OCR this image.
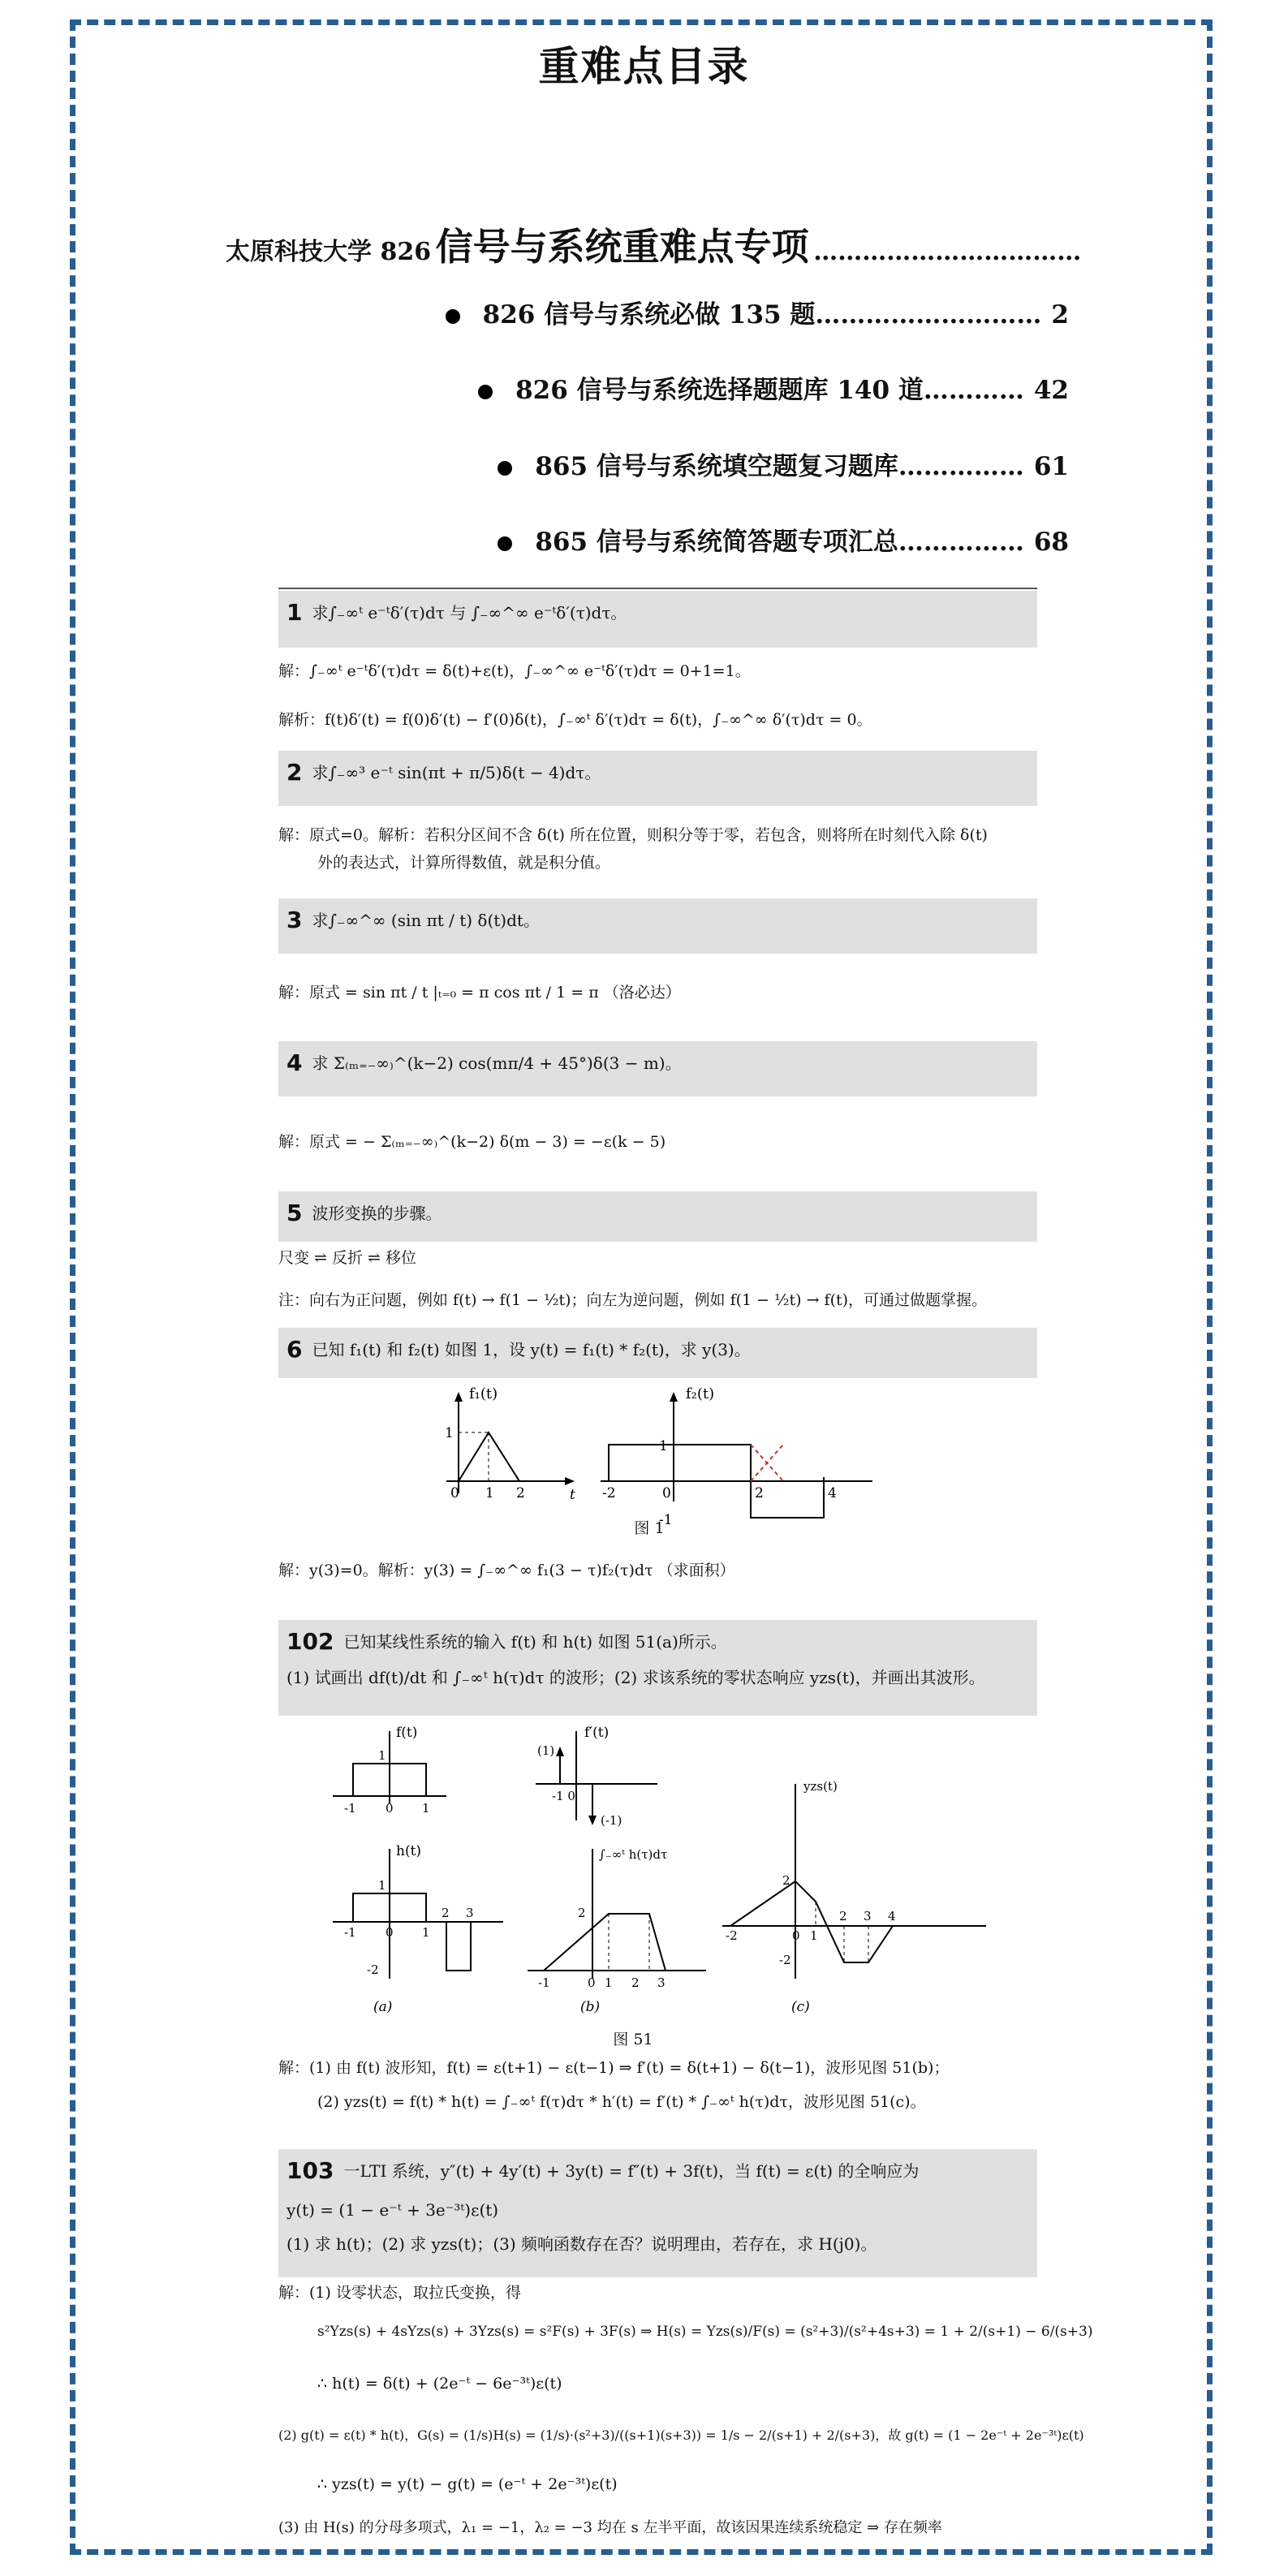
重难点目录
太原科技大学 826 信号与系统重难点专项 ……………………………
826 信号与系统必做 135 题……………………… 2
826 信号与系统选择题题库 140 道………… 42
865 信号与系统填空题复习题库…………… 61
865 信号与系统简答题专项汇总…………… 68
1 求∫₋∞ᵗ e⁻ᵗδ′(τ)dτ 与 ∫₋∞^∞ e⁻ᵗδ′(τ)dτ。
解：∫₋∞ᵗ e⁻ᵗδ′(τ)dτ = δ(t)+ε(t)，∫₋∞^∞ e⁻ᵗδ′(τ)dτ = 0+1=1。
解析：f(t)δ′(t) = f(0)δ′(t) − f′(0)δ(t)，∫₋∞ᵗ δ′(τ)dτ = δ(t)，∫₋∞^∞ δ′(τ)dτ = 0。
2 求∫₋∞³ e⁻ᵗ sin(πt + π/5)δ(t − 4)dτ。
解：原式=0。解析：若积分区间不含 δ(t) 所在位置，则积分等于零，若包含，则将所在时刻代入除 δ(t)
外的表达式，计算所得数值，就是积分值。
3 求∫₋∞^∞ (sin πt / t) δ(t)dt。
解：原式 = sin πt / t |ₜ₌₀ = π cos πt / 1 = π （洛必达）
4 求 Σ₍ₘ₌₋∞₎^(k−2) cos(mπ/4 + 45°)δ(3 − m)。
解：原式 = − Σ₍ₘ₌₋∞₎^(k−2) δ(m − 3) = −ε(k − 5)
5 波形变换的步骤。
尺变 ⇌ 反折 ⇌ 移位
注：向右为正问题，例如 f(t) → f(1 − ½t)；向左为逆问题，例如 f(1 − ½t) → f(t)，可通过做题掌握。
6 已知 f₁(t) 和 f₂(t) 如图 1，设 y(t) = f₁(t) * f₂(t)，求 y(3)。
f₁(t)
1
0 1 2	t
f₂(t)
1
-2	0	2	4
-1
图 1
解：y(3)=0。解析：y(3) = ∫₋∞^∞ f₁(3 − τ)f₂(τ)dτ （求面积）
102 已知某线性系统的输入 f(t) 和 h(t) 如图 51(a)所示。
(1) 试画出 df(t)/dt 和 ∫₋∞ᵗ h(τ)dτ 的波形；(2) 求该系统的零状态响应 yzs(t)，并画出其波形。
f(t)
1
-1 0 1
f′(t)
(1)
(-1)
-1 0
h(t)
1
-1 0 1
2 3
-2
(a)
∫₋∞ᵗ h(τ)dτ
2
-1	0 1 2 3
(b)
yzs(t)
2
-2	0 1
2 3 4
-2
(c)
图 51
解：(1) 由 f(t) 波形知，f(t) = ε(t+1) − ε(t−1) ⇒ f′(t) = δ(t+1) − δ(t−1)，波形见图 51(b)；
(2) yzs(t) = f(t) * h(t) = ∫₋∞ᵗ f(τ)dτ * h′(t) = f′(t) * ∫₋∞ᵗ h(τ)dτ，波形见图 51(c)。
103 一LTI 系统，y″(t) + 4y′(t) + 3y(t) = f″(t) + 3f(t)，当 f(t) = ε(t) 的全响应为
y(t) = (1 − e⁻ᵗ + 3e⁻³ᵗ)ε(t)
(1) 求 h(t)；(2) 求 yzs(t)；(3) 频响函数存在否？说明理由，若存在，求 H(j0)。
解：(1) 设零状态，取拉氏变换，得
s²Yzs(s) + 4sYzs(s) + 3Yzs(s) = s²F(s) + 3F(s) ⇒ H(s) = Yzs(s)/F(s) = (s²+3)/(s²+4s+3) = 1 + 2/(s+1) − 6/(s+3)
∴ h(t) = δ(t) + (2e⁻ᵗ − 6e⁻³ᵗ)ε(t)
(2) g(t) = ε(t) * h(t)，G(s) = (1/s)H(s) = (1/s)·(s²+3)/((s+1)(s+3)) = 1/s − 2/(s+1) + 2/(s+3)，故 g(t) = (1 − 2e⁻ᵗ + 2e⁻³ᵗ)ε(t)
∴ yzs(t) = y(t) − g(t) = (e⁻ᵗ + 2e⁻³ᵗ)ε(t)
(3) 由 H(s) 的分母多项式，λ₁ = −1，λ₂ = −3 均在 s 左半平面，故该因果连续系统稳定 ⇒ 存在频率
